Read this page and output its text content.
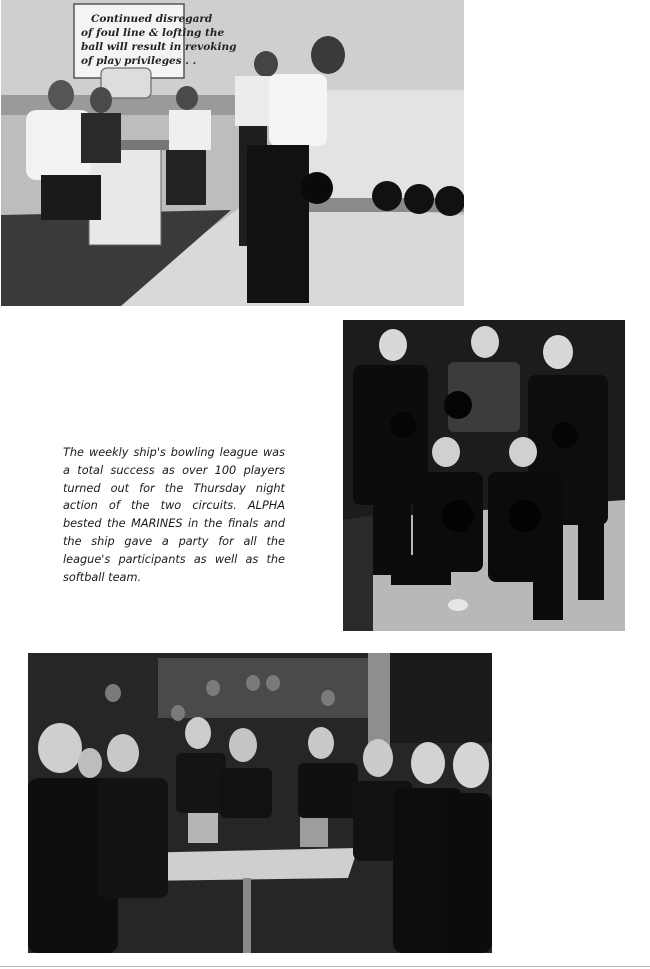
Continued disregard
of foul line & lofting the
ball will result in revoking
of play privileges . .

The weekly ship's bowling league was a total success as over 100 players turned out for the Thursday night action of the two circuits. ALPHA bested the MARINES in the finals and the ship gave a party for all the league's participants as well as the softball team.
